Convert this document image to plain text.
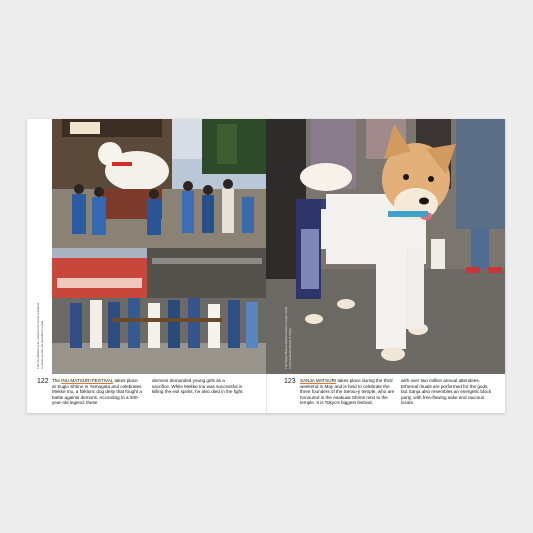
The Inu Matsuri is an occasion for some residents to dress up like the beautiful Inu god.
122 The INU MATSURI FESTIVAL takes place at Sugio Shrine in Yamagata and celebrates Mekke Inu, a folkloric dog deity that fought a battle against demons. According to a 300-year-old legend, these
demons demanded young girls as a sacrifice. While Mekke Inu was successful in killing the evil spirits, he also died in the fight.
The Sanja Matsuri festival draws a huge crowd to the Asakusa Shrine in Tokyo.
123 SANJA MATSURI takes place during the third weekend in May and is held to celebrate the three founders of the Senso-ji temple, who are honoured in the Asakusa Shrine next to the temple. It is Tokyo's biggest festival,
with over two million annual attendees. Ethereal rituals are performed for the gods, but Sanja also resembles an energetic block party, with free-flowing sake and raucous locals.
